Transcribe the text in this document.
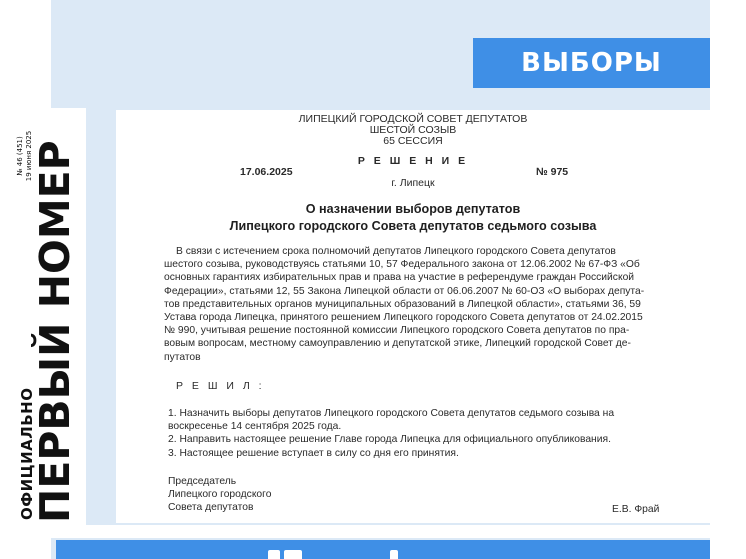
ВЫБОРЫ
ОФИЦИАЛЬНО
ПЕРВЫЙ НОМЕР
№ 46 (451) 19 июня 2025
ЛИПЕЦКИЙ ГОРОДСКОЙ СОВЕТ ДЕПУТАТОВ
ШЕСТОЙ СОЗЫВ
65 СЕССИЯ
Р Е Ш Е Н И Е
17.06.2025	№ 975
г. Липецк
О назначении выборов депутатов
Липецкого городского Совета депутатов седьмого созыва
В связи с истечением срока полномочий депутатов Липецкого городского Совета депутатов
шестого созыва, руководствуясь статьями 10, 57 Федерального закона от 12.06.2002 № 67-ФЗ «Об
основных гарантиях избирательных прав и права на участие в референдуме граждан Российской
Федерации», статьями 12, 55 Закона Липецкой области от 06.06.2007 № 60-ОЗ «О выборах депута-
тов представительных органов муниципальных образований в Липецкой области», статьями 36, 59
Устава города Липецка, принятого решением Липецкого городского Совета депутатов от 24.02.2015
№ 990, учитывая решение постоянной комиссии Липецкого городского Совета депутатов по пра-
вовым вопросам, местному самоуправлению и депутатской этике, Липецкий городской Совет де-
путатов
Р Е Ш И Л :
1. Назначить выборы депутатов Липецкого городского Совета депутатов седьмого созыва на
воскресенье 14 сентября 2025 года.
2. Направить настоящее решение Главе города Липецка для официального опубликования.
3. Настоящее решение вступает в силу со дня его принятия.
Председатель
Липецкого городского
Совета депутатов	Е.В. Фрай
